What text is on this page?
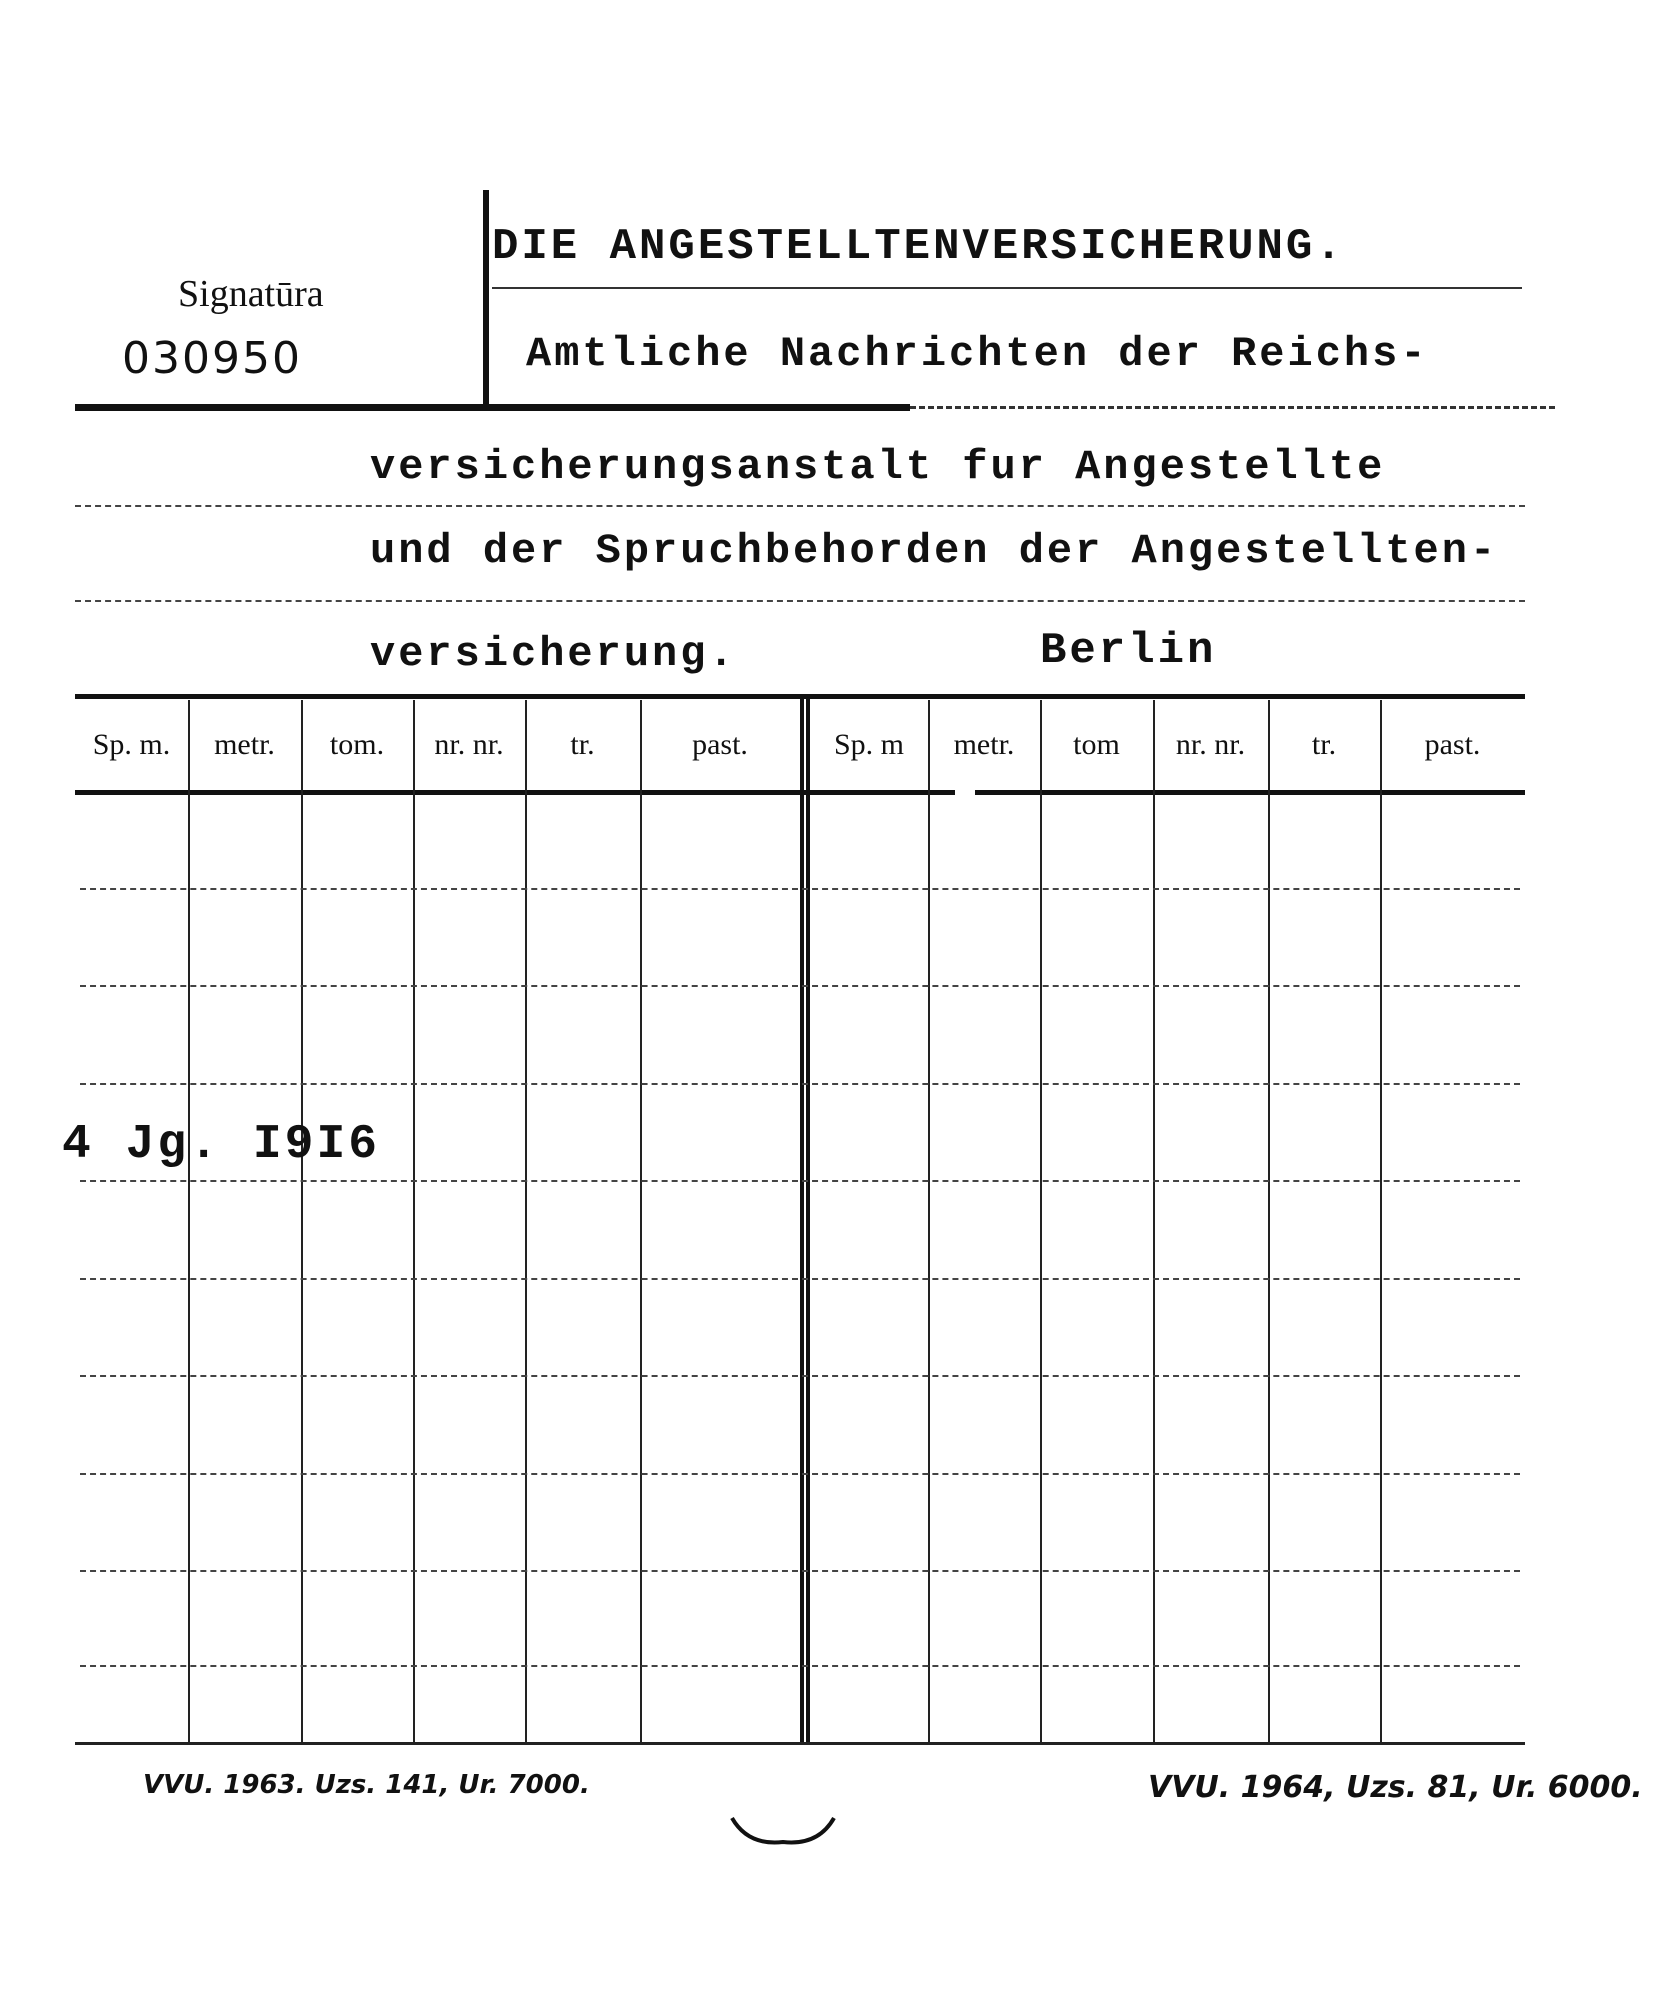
Signatūra
030950
DIE ANGESTELLTENVERSICHERUNG.
Amtliche Nachrichten der Reichs-
versicherungsanstalt fur Angestellte
und der Spruchbehorden der Angestellten-
versicherung.	Berlin
Sp. m.	metr.	tom.	nr. nr.	tr.	past.	Sp. m	metr.	tom	nr. nr.	tr.	past.
4 Jg. I9I6
VVU. 1963. Uzs. 141, Ur. 7000.	VVU. 1964, Uzs. 81, Ur. 6000.
